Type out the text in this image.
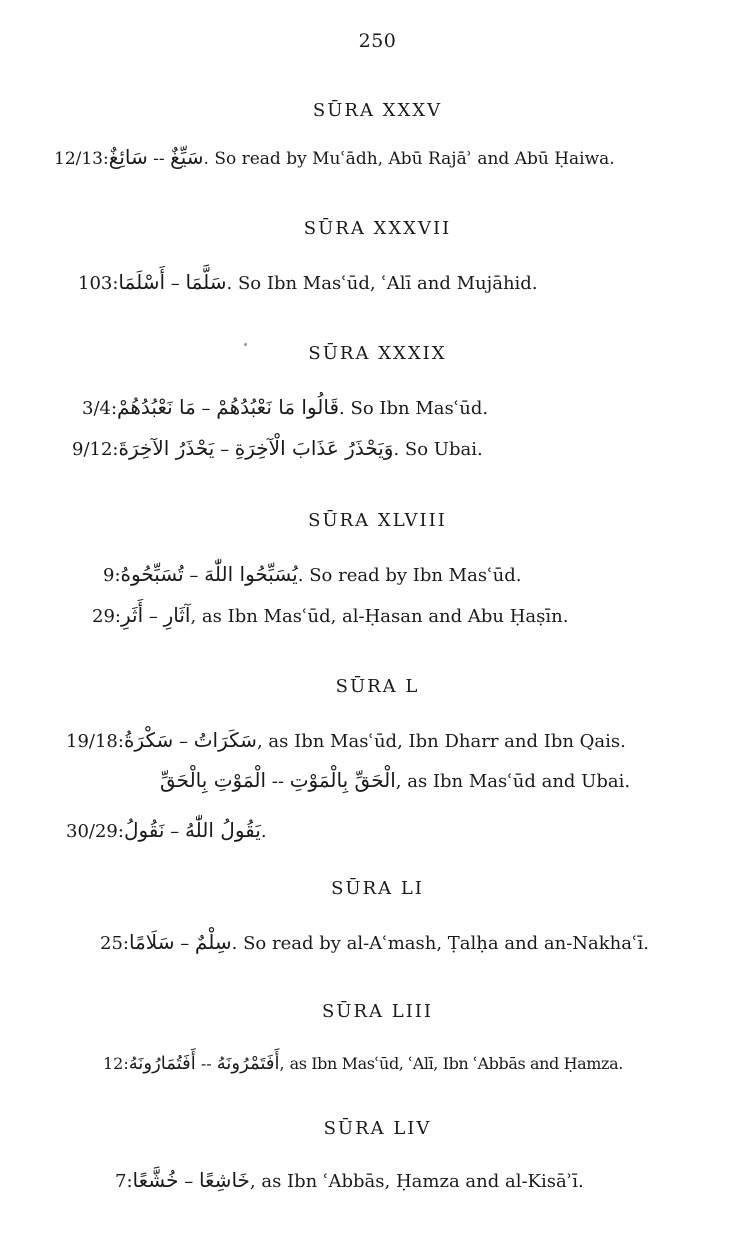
250
SŪRA XXXV
12/13:سَائِغٌ -- سَيِّغٌ. So read by Muʿādh, Abū Rajāʾ and Abū Ḥaiwa.
SŪRA XXXVII
103:أَسْلَمَا – سَلَّمَا. So Ibn Masʿūd, ʿAlī and Mujāhid.
SŪRA XXXIX
3/4:مَا نَعْبُدُهُمْ – قَالُوا مَا نَعْبُدُهُمْ. So Ibn Masʿūd.
9/12:يَحْذَرُ الآخِرَةَ – وَيَحْذَرُ عَذَابَ الْآخِرَةِ. So Ubai.
SŪRA XLVIII
9:تُسَبِّحُوهُ – يُسَبِّحُوا اللّٰهَ. So read by Ibn Masʿūd.
29:أَثَرِ – آثَارِ, as Ibn Masʿūd, al-Ḥasan and Abu Ḥaṣīn.
SŪRA L
19/18:سَكْرَةُ – سَكَرَاتُ, as Ibn Masʿūd, Ibn Dharr and Ibn Qais.
الْمَوْتِ بِالْحَقِّ -- الْحَقِّ بِالْمَوْتِ, as Ibn Masʿūd and Ubai.
30/29:نَقُولُ – يَقُولُ اللّٰهُ.
SŪRA LI
25:سَلَامًا – سِلْمٌ. So read by al-Aʿmash, Ṭalḥa and an-Nakhaʿī.
SŪRA LIII
12:أَفَتُمَارُونَهُ -- أَفَتَمْرُونَهُ, as Ibn Masʿūd, ʿAlī, Ibn ʿAbbās and Ḥamza.
SŪRA LIV
7:خُشَّعًا – خَاشِعًا, as Ibn ʿAbbās, Ḥamza and al-Kisāʾī.
